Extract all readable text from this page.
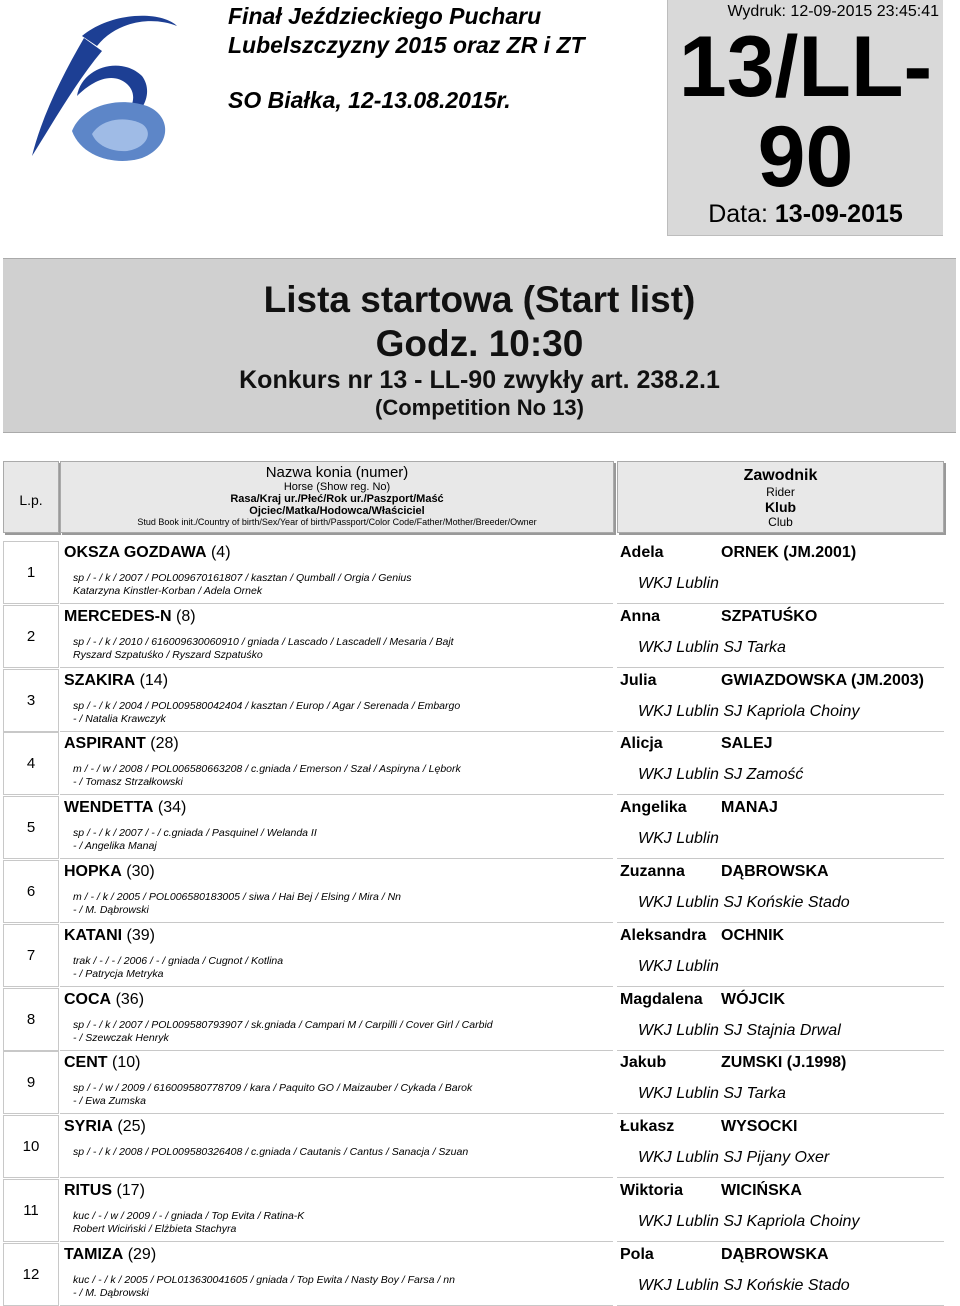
Finał Jeździeckiego Pucharu
Lubelszczyzny 2015 oraz ZR i ZT
SO Białka, 12-13.08.2015r.
Wydruk: 12-09-2015 23:45:41
13/LL-90
Data: 13-09-2015
Lista startowa (Start list)
Godz. 10:30
Konkurs nr 13 - LL-90 zwykły art. 238.2.1
(Competition No 13)
L.p.
Nazwa konia (numer)
Horse (Show reg. No)
Rasa/Kraj ur./Płeć/Rok ur./Paszport/Maść
Ojciec/Matka/Hodowca/Właściciel
Stud Book init./Country of birth/Sex/Year of birth/Passport/Color Code/Father/Mother/Breeder/Owner
Zawodnik
Rider
Klub
Club
1
OKSZA GOZDAWA (4)
sp / - / k / 2007 / POL009670161807 / kasztan / Qumball / Orgia / Genius
Katarzyna Kinstler-Korban / Adela Ornek
Adela	ORNEK (JM.2001)
WKJ Lublin
2
MERCEDES-N (8)
sp / - / k / 2010 / 616009630060910 / gniada / Lascado / Lascadell / Mesaria / Bajt
Ryszard Szpatuśko / Ryszard Szpatuśko
Anna	SZPATUŚKO
WKJ Lublin SJ Tarka
3
SZAKIRA (14)
sp / - / k / 2004 / POL009580042404 / kasztan / Europ / Agar / Serenada / Embargo
- / Natalia Krawczyk
Julia	GWIAZDOWSKA (JM.2003)
WKJ Lublin SJ Kapriola Choiny
4
ASPIRANT (28)
m / - / w / 2008 / POL006580663208 / c.gniada / Emerson / Szał / Aspiryna / Lębork
- / Tomasz Strzałkowski
Alicja	SALEJ
WKJ Lublin SJ Zamość
5
WENDETTA (34)
sp / - / k / 2007 / - / c.gniada / Pasquinel / Welanda II
- / Angelika Manaj
Angelika MANAJ
WKJ Lublin
6
HOPKA (30)
m / - / k / 2005 / POL006580183005 / siwa / Hai Bej / Elsing / Mira / Nn
- / M. Dąbrowski
Zuzanna DĄBROWSKA
WKJ Lublin SJ Końskie Stado
7
KATANI (39)
trak / - / - / 2006 / - / gniada / Cugnot / Kotlina
- / Patrycja Metryka
Aleksandra OCHNIK
WKJ Lublin
8
COCA (36)
sp / - / k / 2007 / POL009580793907 / sk.gniada / Campari M / Carpilli / Cover Girl / Carbid
- / Szewczak Henryk
Magdalena WÓJCIK
WKJ Lublin SJ Stajnia Drwal
9
CENT (10)
sp / - / w / 2009 / 616009580778709 / kara / Paquito GO / Maizauber / Cykada / Barok
- / Ewa Zumska
Jakub	ZUMSKI (J.1998)
WKJ Lublin SJ Tarka
10
SYRIA (25)
sp / - / k / 2008 / POL009580326408 / c.gniada / Cautanis / Cantus / Sanacja / Szuan
Łukasz	WYSOCKI
WKJ Lublin SJ Pijany Oxer
11
RITUS (17)
kuc / - / w / 2009 / - / gniada / Top Evita / Ratina-K
Robert Wiciński / Elżbieta Stachyra
Wiktoria WICIŃSKA
WKJ Lublin SJ Kapriola Choiny
12
TAMIZA (29)
kuc / - / k / 2005 / POL013630041605 / gniada / Top Ewita / Nasty Boy / Farsa / nn
- / M. Dąbrowski
Pola	DĄBROWSKA
WKJ Lublin SJ Końskie Stado
